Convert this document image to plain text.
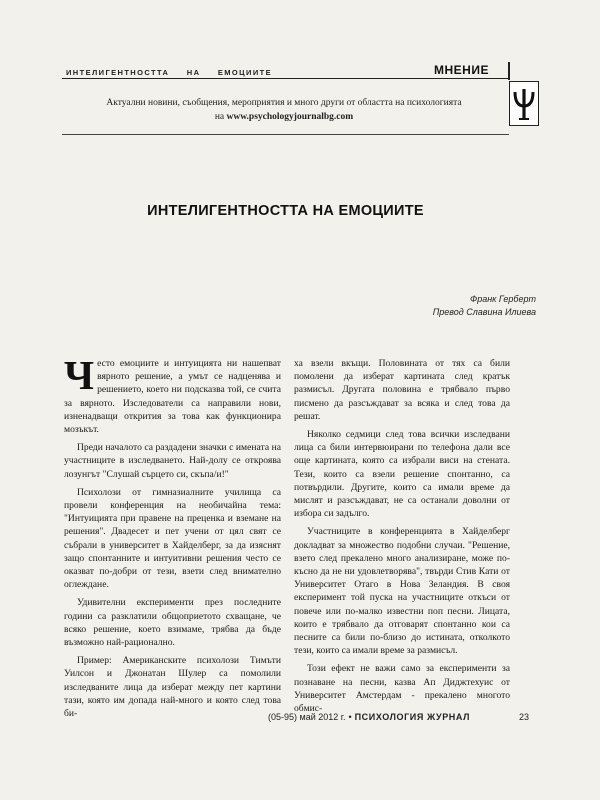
ИНТЕЛИГЕНТНОСТТА НА ЕМОЦИИТЕ	МНЕНИЕ
Актуални новини, съобщения, мероприятия и много други от областта на психологията
на www.psychologyjournalbg.com
ИНТЕЛИГЕНТНОСТТА НА ЕМОЦИИТЕ
Франк Герберт
Превод Славина Илиева

Често емоциите и интуицията ни нашепват вярното решение, а умът се надценява и решението, което ни подсказва той, се счита за вярното. Изследователи са направили нови, изненадващи открития за това как функционира мозъкът.

Преди началото са раздадени значки с имената на участниците в изследването. Най-долу се откроява лозунгът "Слушай сърцето си, скъпа/и!"

Психолози от гимназиалните училища са провели конференция на необичайна тема: "Интуицията при правене на преценка и вземане на решения". Двадесет и пет учени от цял свят се събрали в университет в Хайделберг, за да изяснят защо спонтанните и интуитивни решения често се оказват по-добри от тези, взети след внимателно оглеждане.

Удивителни експерименти през последните години са разклатили общоприетото схващане, че всяко решение, което взимаме, трябва да бъде възможно най-рационално.

Пример: Американските психолози Тимъти Уилсон и Джонатан Шулер са помолили изследваните лица да изберат между пет картини тази, която им допада най-много и която след това би-

ха взели вкъщи. Половината от тях са били помолени да изберат картината след кратък размисъл. Другата половина е трябвало първо писмено да разсъждават за всяка и след това да решат.

Няколко седмици след това всички изследвани лица са били интервюирани по телефона дали все още картината, която са избрали виси на стената. Тези, които са взели решение спонтанно, са потвърдили. Другите, които са имали време да мислят и разсъждават, не са останали доволни от избора си задълго.

Участниците в конференцията в Хайделберг докладват за множество подобни случаи. "Решение, взето след прекалено много анализиране, може по-късно да не ни удовлетворява", твърди Стив Кати от Университет Отаго в Нова Зеландия. В своя експеримент той пуска на участниците откъси от повече или по-малко известни поп песни. Лицата, които е трябвало да отговарят спонтанно кои са песните са били по-близо до истината, отколкото тези, които са имали време за размисъл.

Този ефект не важи само за експерименти за познаване на песни, казва Ап Диджтехуис от Университет Амстердам - прекалено многото обмис-

(05-95) май 2012 г. • ПСИХОЛОГИЯ ЖУРНАЛ	23
